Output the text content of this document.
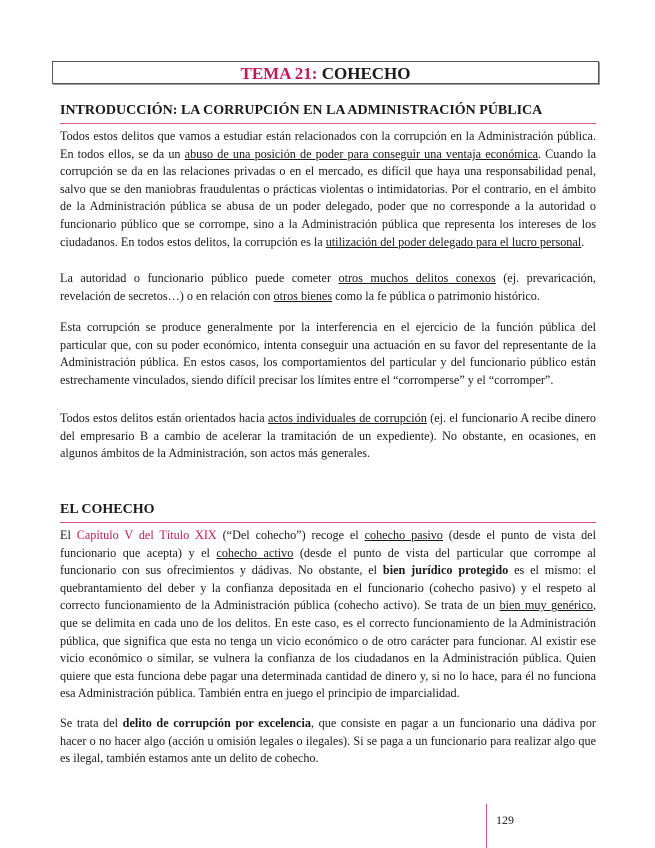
TEMA 21: COHECHO
INTRODUCCIÓN: LA CORRUPCIÓN EN LA ADMINISTRACIÓN PÚBLICA

Todos estos delitos que vamos a estudiar están relacionados con la corrupción en la Administración pública. En todos ellos, se da un abuso de una posición de poder para conseguir una ventaja económica. Cuando la corrupción se da en las relaciones privadas o en el mercado, es difícil que haya una responsabilidad penal, salvo que se den maniobras fraudulentas o prácticas violentas o intimidatorias. Por el contrario, en el ámbito de la Administración pública se abusa de un poder delegado, poder que no corresponde a la autoridad o funcionario público que se corrompe, sino a la Administración pública que representa los intereses de los ciudadanos. En todos estos delitos, la corrupción es la utilización del poder delegado para el lucro personal.

La autoridad o funcionario público puede cometer otros muchos delitos conexos (ej. prevaricación, revelación de secretos…) o en relación con otros bienes como la fe pública o patrimonio histórico.

Esta corrupción se produce generalmente por la interferencia en el ejercicio de la función pública del particular que, con su poder económico, intenta conseguir una actuación en su favor del representante de la Administración pública. En estos casos, los comportamientos del particular y del funcionario público están estrechamente vinculados, siendo difícil precisar los límites entre el “corromperse” y el “corromper”.

Todos estos delitos están orientados hacia actos individuales de corrupción (ej. el funcionario A recibe dinero del empresario B a cambio de acelerar la tramitación de un expediente). No obstante, en ocasiones, en algunos ámbitos de la Administración, son actos más generales.

EL COHECHO

El Capítulo V del Título XIX (“Del cohecho”) recoge el cohecho pasivo (desde el punto de vista del funcionario que acepta) y el cohecho activo (desde el punto de vista del particular que corrompe al funcionario con sus ofrecimientos y dádivas. No obstante, el bien jurídico protegido es el mismo: el quebrantamiento del deber y la confianza depositada en el funcionario (cohecho pasivo) y el respeto al correcto funcionamiento de la Administración pública (cohecho activo). Se trata de un bien muy genérico, que se delimita en cada uno de los delitos. En este caso, es el correcto funcionamiento de la Administración pública, que significa que esta no tenga un vicio económico o de otro carácter para funcionar. Al existir ese vicio económico o similar, se vulnera la confianza de los ciudadanos en la Administración pública. Quien quiere que esta funciona debe pagar una determinada cantidad de dinero y, si no lo hace, para él no funciona esa Administración pública. También entra en juego el principio de imparcialidad.

Se trata del delito de corrupción por excelencia, que consiste en pagar a un funcionario una dádiva por hacer o no hacer algo (acción u omisión legales o ilegales). Si se paga a un funcionario para realizar algo que es ilegal, también estamos ante un delito de cohecho.

129
